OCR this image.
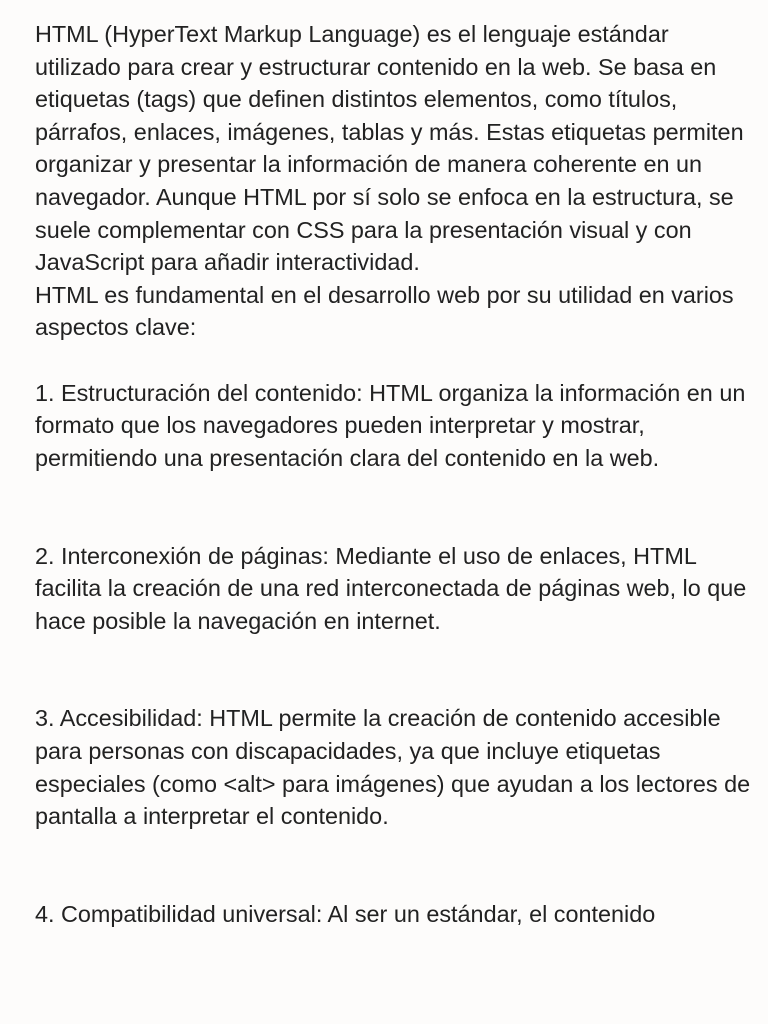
HTML (HyperText Markup Language) es el lenguaje estándar utilizado para crear y estructurar contenido en la web. Se basa en etiquetas (tags) que definen distintos elementos, como títulos, párrafos, enlaces, imágenes, tablas y más. Estas etiquetas permiten organizar y presentar la información de manera coherente en un navegador. Aunque HTML por sí solo se enfoca en la estructura, se suele complementar con CSS para la presentación visual y con JavaScript para añadir interactividad.

HTML es fundamental en el desarrollo web por su utilidad en varios aspectos clave:

1. Estructuración del contenido: HTML organiza la información en un formato que los navegadores pueden interpretar y mostrar, permitiendo una presentación clara del contenido en la web.

2. Interconexión de páginas: Mediante el uso de enlaces, HTML facilita la creación de una red interconectada de páginas web, lo que hace posible la navegación en internet.

3. Accesibilidad: HTML permite la creación de contenido accesible para personas con discapacidades, ya que incluye etiquetas especiales (como <alt> para imágenes) que ayudan a los lectores de pantalla a interpretar el contenido.

4. Compatibilidad universal: Al ser un estándar, el contenido
